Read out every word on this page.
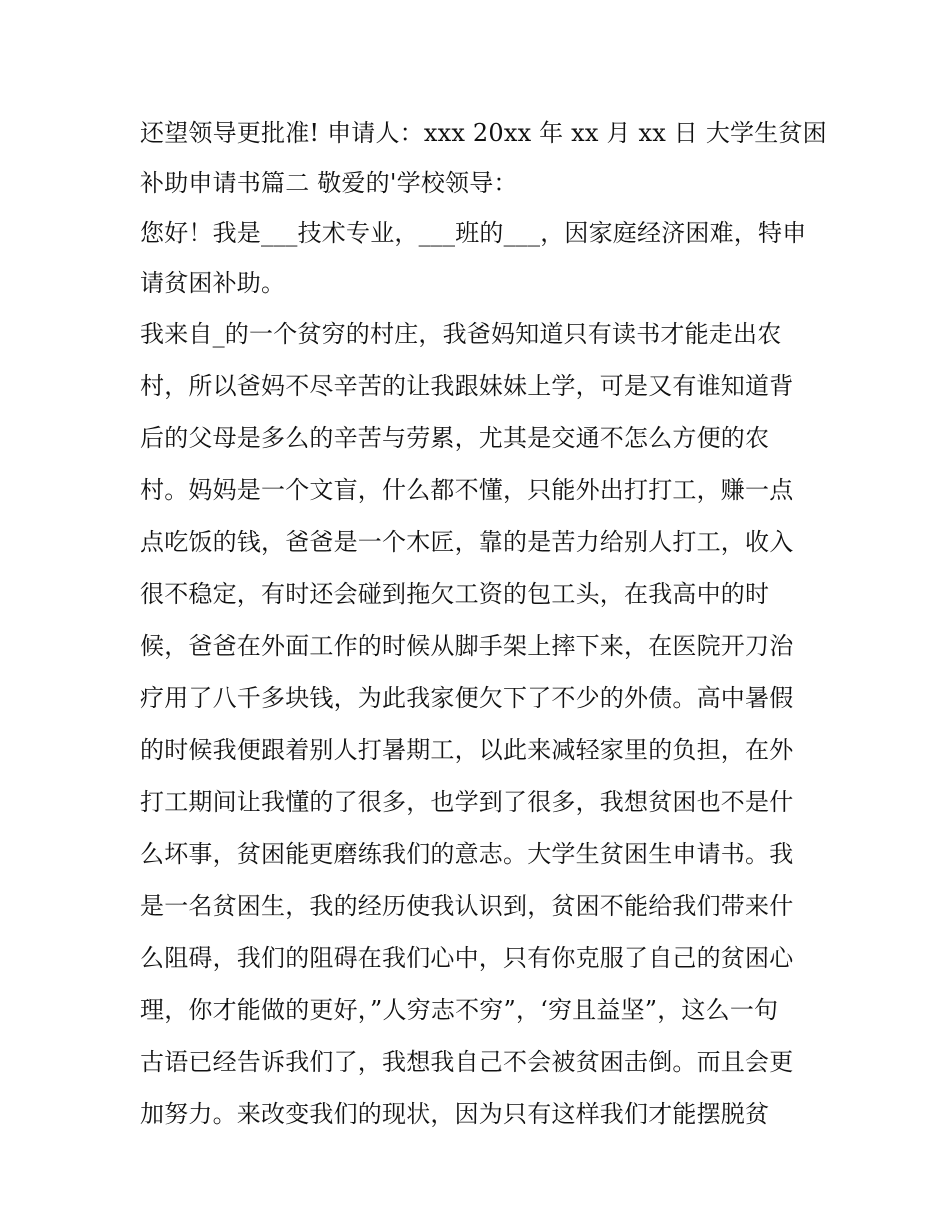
还望领导更批准! 申请人：xxx 20xx 年 xx 月 xx 日 大学生贫困
补助申请书篇二 敬爱的'学校领导：
您好！我是___技术专业，___班的___，因家庭经济困难，特申
请贫困补助。
我来自_的一个贫穷的村庄，我爸妈知道只有读书才能走出农
村，所以爸妈不尽辛苦的让我跟妹妹上学，可是又有谁知道背
后的父母是多么的辛苦与劳累，尤其是交通不怎么方便的农
村。妈妈是一个文盲，什么都不懂，只能外出打打工，赚一点
点吃饭的钱，爸爸是一个木匠，靠的是苦力给别人打工，收入
很不稳定，有时还会碰到拖欠工资的包工头，在我高中的时
候，爸爸在外面工作的时候从脚手架上摔下来，在医院开刀治
疗用了八千多块钱，为此我家便欠下了不少的外债。高中暑假
的时候我便跟着别人打暑期工，以此来减轻家里的负担，在外
打工期间让我懂的了很多，也学到了很多，我想贫困也不是什
么坏事，贫困能更磨练我们的意志。大学生贫困生申请书。我
是一名贫困生，我的经历使我认识到，贫困不能给我们带来什
么阻碍，我们的阻碍在我们心中，只有你克服了自己的贫困心
理，你才能做的更好，”人穷志不穷”，‘穷且益坚”，这么一句
古语已经告诉我们了，我想我自己不会被贫困击倒。而且会更
加努力。来改变我们的现状，因为只有这样我们才能摆脱贫
